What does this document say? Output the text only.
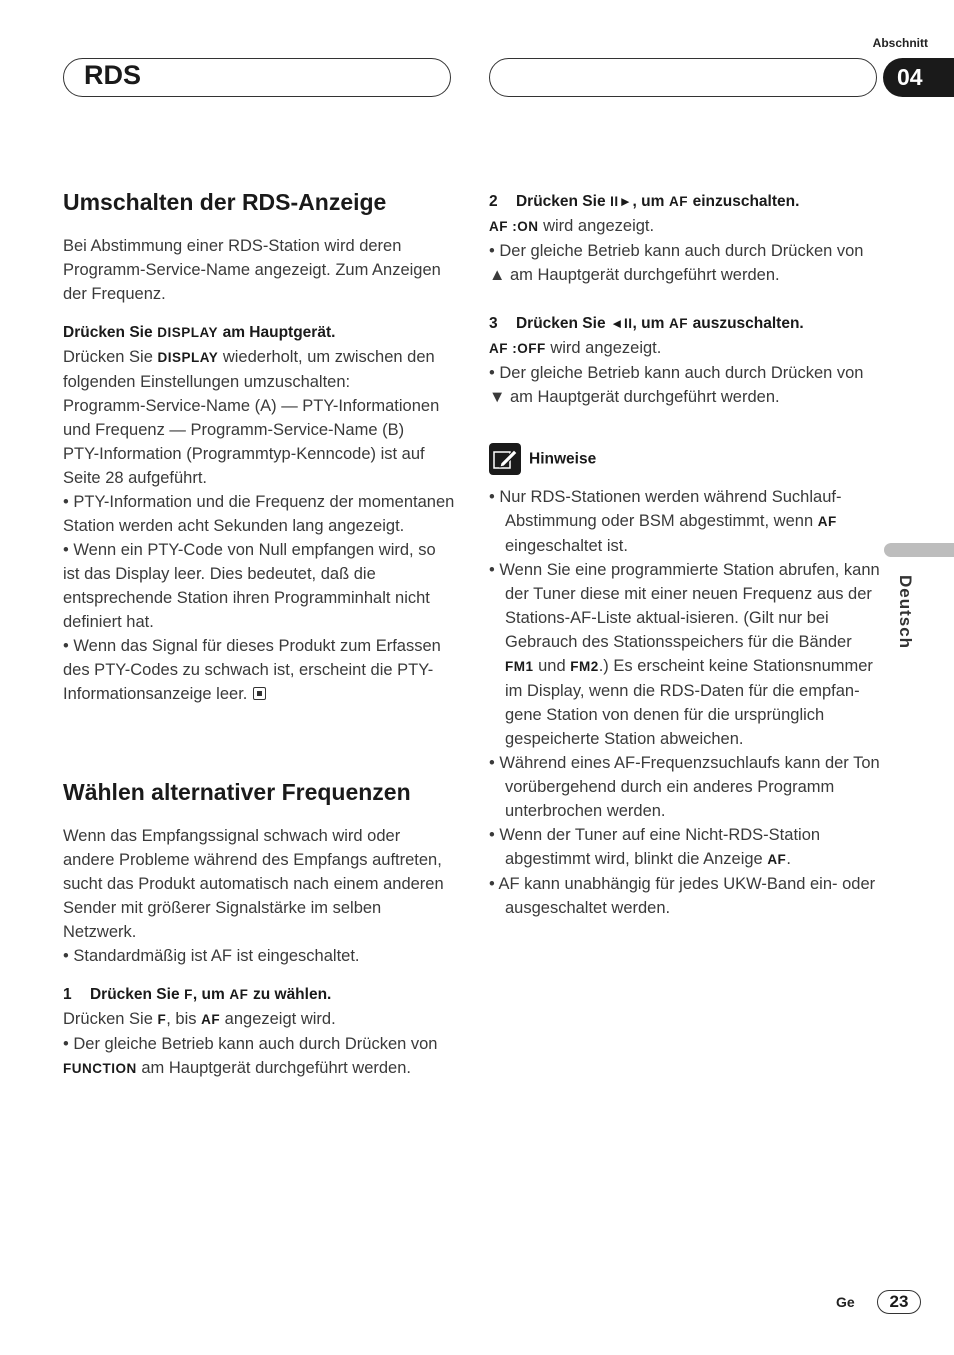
RDS
Abschnitt
04
Deutsch
Umschalten der RDS-Anzeige

Bei Abstimmung einer RDS-Station wird deren Programm-Service-Name angezeigt. Zum Anzeigen der Frequenz.

Drücken Sie DISPLAY am Hauptgerät.

Drücken Sie DISPLAY wiederholt, um zwischen den folgenden Einstellungen umzuschalten:

Programm-Service-Name (A) — PTY-Informationen und Frequenz — Programm-Service-Name (B)

PTY-Information (Programmtyp-Kenncode) ist auf Seite 28 aufgeführt.

• PTY-Information und die Frequenz der momentanen Station werden acht Sekunden lang angezeigt.

• Wenn ein PTY-Code von Null empfangen wird, so ist das Display leer. Dies bedeutet, daß die entsprechende Station ihren Programminhalt nicht definiert hat.

• Wenn das Signal für dieses Produkt zum Erfassen des PTY-Codes zu schwach ist, erscheint die PTY-Informationsanzeige leer.

Wählen alternativer Frequenzen

Wenn das Empfangssignal schwach wird oder andere Probleme während des Empfangs auftreten, sucht das Produkt automatisch nach einem anderen Sender mit größerer Signalstärke im selben Netzwerk.

• Standardmäßig ist AF ist eingeschaltet.

1 Drücken Sie F, um AF zu wählen.

Drücken Sie F, bis AF angezeigt wird.

• Der gleiche Betrieb kann auch durch Drücken von FUNCTION am Hauptgerät durchgeführt werden.

2 Drücken Sie II►, um AF einzuschalten.

AF :ON wird angezeigt.

• Der gleiche Betrieb kann auch durch Drücken von ▲ am Hauptgerät durchgeführt werden.

3 Drücken Sie ◄II, um AF auszuschalten.

AF :OFF wird angezeigt.

• Der gleiche Betrieb kann auch durch Drücken von ▼ am Hauptgerät durchgeführt werden.

Hinweise

• Nur RDS-Stationen werden während Suchlauf-Abstimmung oder BSM abgestimmt, wenn AF eingeschaltet ist.

• Wenn Sie eine programmierte Station abrufen, kann der Tuner diese mit einer neuen Frequenz aus der Stations-AF-Liste aktual-isieren. (Gilt nur bei Gebrauch des Stationsspeichers für die Bänder FM1 und FM2.) Es erscheint keine Stationsnummer im Display, wenn die RDS-Daten für die empfan-gene Station von denen für die ursprünglich gespeicherte Station abweichen.

• Während eines AF-Frequenzsuchlaufs kann der Ton vorübergehend durch ein anderes Programm unterbrochen werden.

• Wenn der Tuner auf eine Nicht-RDS-Station abgestimmt wird, blinkt die Anzeige AF.

• AF kann unabhängig für jedes UKW-Band ein- oder ausgeschaltet werden.

Ge	23
